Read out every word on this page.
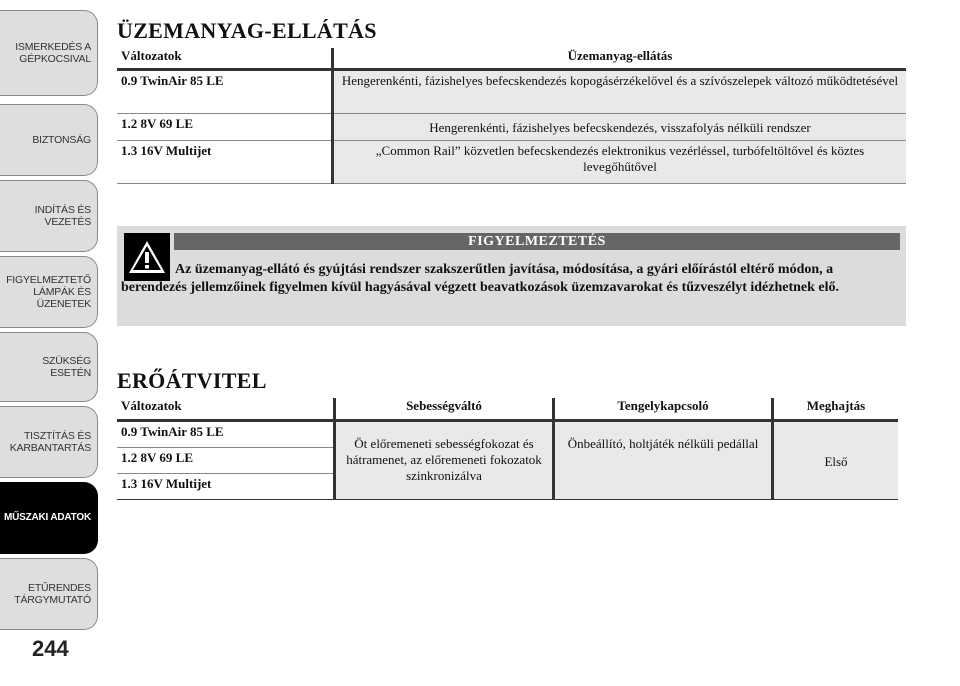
ISMERKEDÉS A
GÉPKOCSIVAL
BIZTONSÁG
INDÍTÁS ÉS
VEZETÉS
FIGYELMEZTETŐ
LÁMPÁK ÉS
ÜZENETEK
SZÜKSÉG ESETÉN
TISZTÍTÁS ÉS
KARBANTARTÁS
MŰSZAKI ADATOK
ETŰRENDES
TÁRGYMUTATÓ
244
ÜZEMANYAG-ELLÁTÁS
Változatok	Üzemanyag-ellátás
0.9 TwinAir 85 LE	Hengerenkénti, fázishelyes befecskendezés kopogásérzékelővel és a szívószelepek változó működtetésével
1.2 8V 69 LE	Hengerenkénti, fázishelyes befecskendezés, visszafolyás nélküli rendszer
1.3 16V Multijet	„Common Rail” közvetlen befecskendezés elektronikus vezérléssel, turbófeltöltővel és köztes levegőhűtővel
FIGYELMEZTETÉS
Az üzemanyag-ellátó és gyújtási rendszer szakszerűtlen javítása, módosítása, a gyári előírástól eltérő módon, a berendezés jellemzőinek figyelmen kívül hagyásával végzett beavatkozások üzemzavarokat és tűzveszélyt idézhetnek elő.
ERŐÁTVITEL
Változatok	Sebességváltó	Tengelykapcsoló	Meghajtás
0.9 TwinAir 85 LE	Öt előremeneti sebességfokozat és hátramenet, az előremeneti fokozatok szinkronizálva	Önbeállító, holtjáték nélküli pedállal	Első
1.2 8V 69 LE			
1.3 16V Multijet			
